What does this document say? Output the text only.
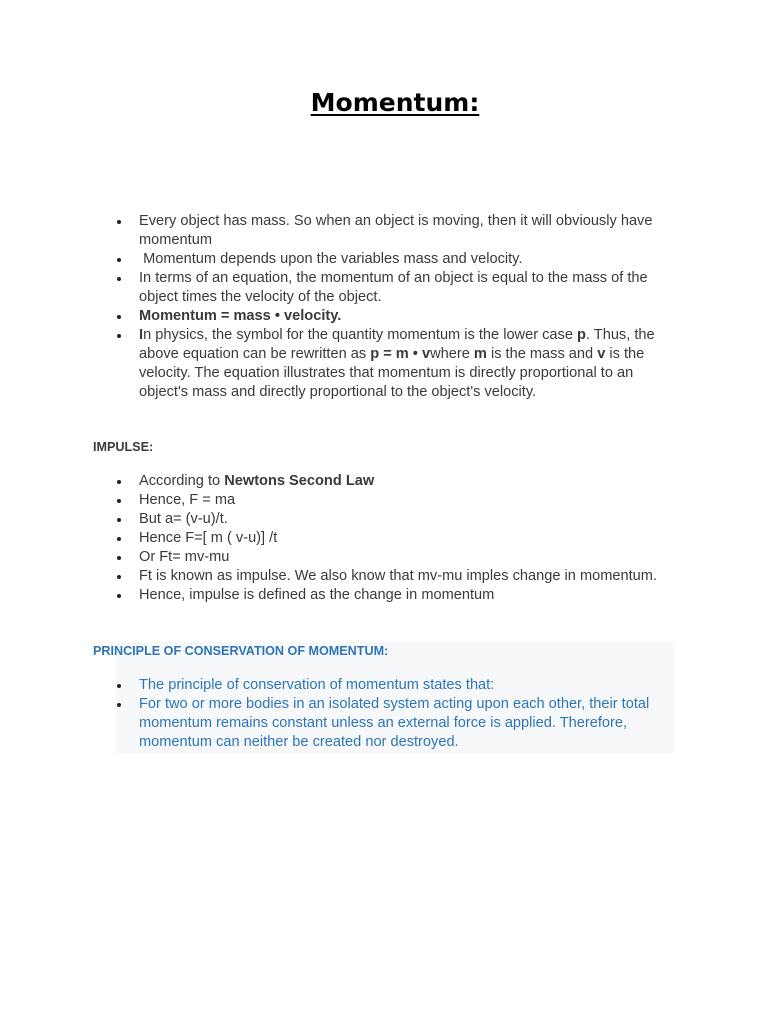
Momentum:
Every object has mass. So when an object is moving, then it will obviously have momentum
Momentum depends upon the variables mass and velocity.
In terms of an equation, the momentum of an object is equal to the mass of the object times the velocity of the object.
Momentum = mass • velocity.
In physics, the symbol for the quantity momentum is the lower case p. Thus, the above equation can be rewritten as p = m • vwhere m is the mass and v is the velocity. The equation illustrates that momentum is directly proportional to an object's mass and directly proportional to the object's velocity.
IMPULSE:
According to Newtons Second Law
Hence, F = ma
But a= (v-u)/t.
Hence F=[ m ( v-u)] /t
Or Ft= mv-mu
Ft is known as impulse. We also know that mv-mu imples change in momentum.
Hence, impulse is defined as the change in momentum
PRINCIPLE OF CONSERVATION OF MOMENTUM:
The principle of conservation of momentum states that:
For two or more bodies in an isolated system acting upon each other, their total momentum remains constant unless an external force is applied. Therefore, momentum can neither be created nor destroyed.
